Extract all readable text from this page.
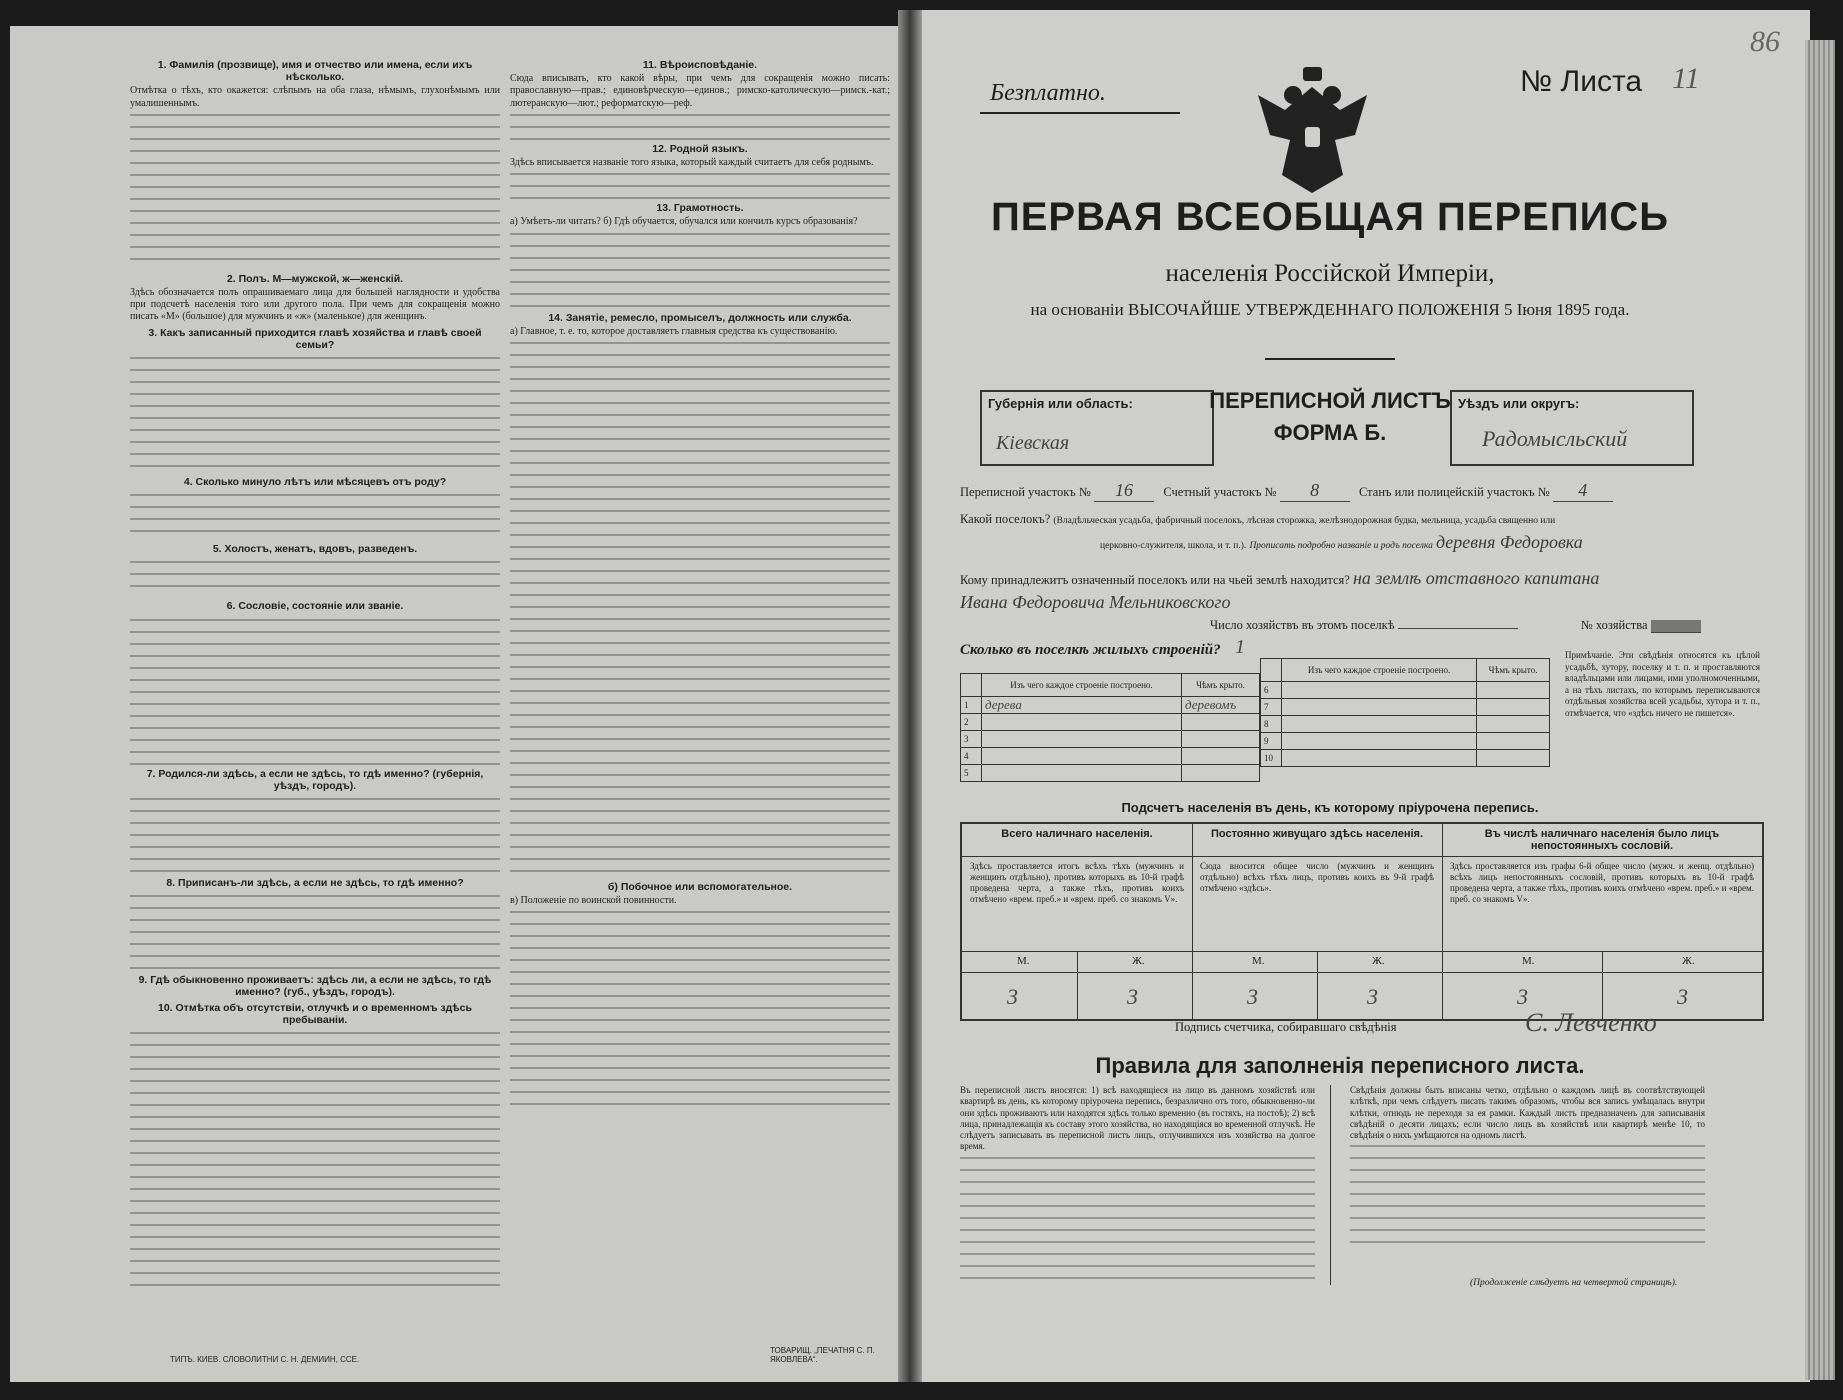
1. Фамилія (прозвище), имя и отчество или имена, если ихъ нѣсколько.
Отмѣтка о тѣхъ, кто окажется: слѣпымъ на оба глаза, нѣмымъ, глухонѣмымъ или умалишеннымъ.
2. Полъ. М—мужской, ж—женскій.
Здѣсь обозначается полъ опрашиваемаго лица для большей наглядности и удобства при подсчетѣ населенія того или другого пола. При чемъ для сокращенія можно писать «М» (большое) для мужчинъ и «ж» (маленькое) для женщинъ.
3. Какъ записанный приходится главѣ хозяйства и главѣ своей семьи?
4. Сколько минуло лѣтъ или мѣсяцевъ отъ роду?
5. Холостъ, женатъ, вдовъ, разведенъ.
6. Сословіе, состояніе или званіе.
7. Родился-ли здѣсь, а если не здѣсь, то гдѣ именно? (губернія, уѣздъ, городъ).
8. Приписанъ-ли здѣсь, а если не здѣсь, то гдѣ именно?
9. Гдѣ обыкновенно проживаетъ: здѣсь ли, а если не здѣсь, то гдѣ именно? (губ., уѣздъ, городъ).
10. Отмѣтка объ отсутствіи, отлучкѣ и о временномъ здѣсь пребываніи.
11. Вѣроисповѣданіе.
Сюда вписывать, кто какой вѣры, при чемъ для сокращенія можно писать: православную—прав.; единовѣрческую—единов.; римско-католическую—римск.-кат.; лютеранскую—лют.; реформатскую—реф.
12. Родной языкъ.
Здѣсь вписывается названіе того языка, который каждый считаетъ для себя роднымъ.
13. Грамотность.
а) Умѣетъ-ли читать? б) Гдѣ обучается, обучался или кончилъ курсъ образованія?
14. Занятіе, ремесло, промыселъ, должность или служба.
а) Главное, т. е. то, которое доставляетъ главныя средства къ существованію.
б) Побочное или вспомогательное.
в) Положеніе по воинской повинности.
ТИПЪ. КИЕВ. СЛОВОЛИТНИ С. Н. ДЕМИИН, ССЕ.
ТОВАРИЩ. „ПЕЧАТНЯ С. П. ЯКОВЛЕВА“.
Безплатно.	№ Листа 11
86
ПЕРВАЯ ВСЕОБЩАЯ ПЕРЕПИСЬ
населенія Россійской Имперіи,
на основаніи ВЫСОЧАЙШЕ УТВЕРЖДЕННАГО ПОЛОЖЕНІЯ 5 Іюня 1895 года.
Губернія или область:
Кіевская
ПЕРЕПИСНОЙ ЛИСТЪ
ФОРМА Б.
Уѣздъ или округъ:
Радомысльский
Переписной участокъ № 16 Счетный участокъ № 8	Станъ или полицейскій участокъ № 4
Какой поселокъ? (Владѣльческая усадьба, фабричный поселокъ, лѣсная сторожка, желѣзнодорожная будка, мельница, усадьба священно или
церковно-служителя, школа, и т. п.). Прописать подробно названіе и родъ поселка деревня Федоровка
Кому принадлежитъ означенный поселокъ или на чьей землѣ находится? на землѣ отставного капитана
Ивана Федоровича Мельниковского
Число хозяйствъ въ этомъ поселкѣ	№ хозяйства
Сколько въ поселкѣ жилыхъ строеній? 1
	Изъ чего каждое строеніе построено.	Чѣмъ крыто.
1	дерева	деревомъ
2		
3		
4		
5		
	Изъ чего каждое строеніе построено.	Чѣмъ крыто.
6		
7		
8		
9		
10		
Примѣчаніе. Эти свѣдѣнія относятся къ цѣлой усадьбѣ, хутору, поселку и т. п. и проставляются владѣльцами или лицами, ими уполномоченными, а на тѣхъ листахъ, по которымъ переписываются отдѣльныя хозяйства всей усадьбы, хутора и т. п., отмѣчается, что «здѣсь ничего не пишется».
Подсчетъ населенія въ день, къ которому пріурочена перепись.
Всего наличнаго населенія.
Здѣсь проставляется итогъ всѣхъ тѣхъ (мужчинъ и женщинъ отдѣльно), противъ которыхъ въ 10-й графѣ проведена черта, а также тѣхъ, противъ коихъ отмѣчено «врем. преб.» и «врем. преб. со знакомъ V».
Постоянно живущаго здѣсь населенія.
Сюда вносится общее число (мужчинъ и женщинъ отдѣльно) всѣхъ тѣхъ лицъ, противъ коихъ въ 9-й графѣ отмѣчено «здѣсь».
Въ числѣ наличнаго населенія было лицъ непостоянныхъ сословій.
Здѣсь проставляется изъ графы 6-й общее число (мужч. и женщ. отдѣльно) всѣхъ лицъ непостоянныхъ сословій, противъ которыхъ въ 10-й графѣ проведена черта, а также тѣхъ, противъ коихъ отмѣчено «врем. преб.» и «врем. преб. со знакомъ V».
М.	Ж.	М.	Ж.	М.	Ж.
3	3	3	3	3	3
Подпись счетчика, собиравшаго свѣдѣнія	С. Левченко
Правила для заполненія переписного листа.
Въ переписной листъ вносятся: 1) всѣ находящіеся на лицо въ данномъ хозяйствѣ или квартирѣ въ день, къ которому пріурочена перепись, безразлично отъ того, обыкновенно-ли они здѣсь проживаютъ или находятся здѣсь только временно (въ гостяхъ, на постоѣ); 2) всѣ лица, принадлежащія къ составу этого хозяйства, но находящіяся во временной отлучкѣ. Не слѣдуетъ записывать въ переписной листъ лицъ, отлучившихся изъ хозяйства на долгое время.
Свѣдѣнія должны быть вписаны четко, отдѣльно о каждомъ лицѣ въ соотвѣтствующей клѣткѣ, при чемъ слѣдуетъ писать такимъ образомъ, чтобы вся запись умѣщалась внутри клѣтки, отнюдь не переходя за ея рамки. Каждый листъ предназначенъ для записыванія свѣдѣній о десяти лицахъ; если число лицъ въ хозяйствѣ или квартирѣ менѣе 10, то свѣдѣнія о нихъ умѣщаются на одномъ листѣ.
(Продолженіе слѣдуетъ на четвертой страницѣ).
